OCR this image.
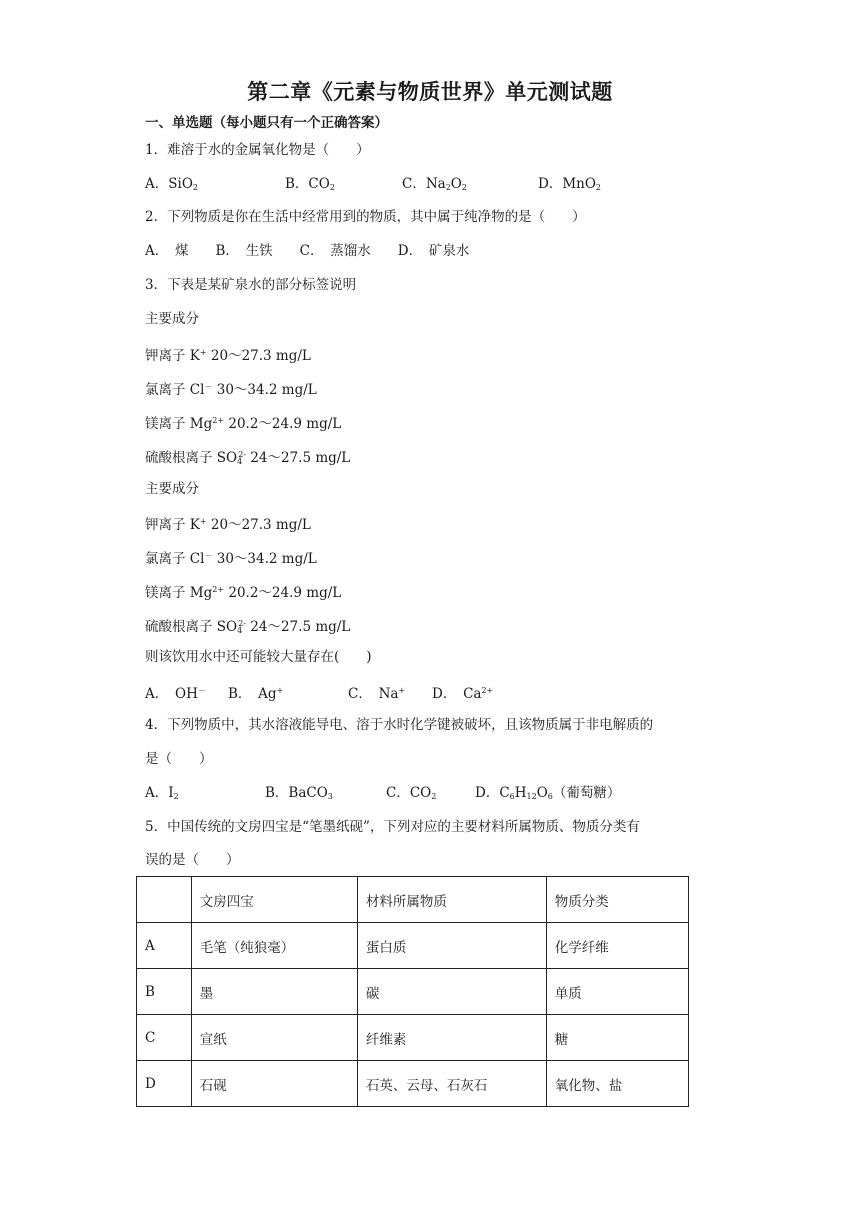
第二章《元素与物质世界》单元测试题
一、单选题（每小题只有一个正确答案）
1．难溶于水的金属氧化物是（　　）
A．SiO$_2$	B．$CO_2$	C．$Na_2O_2$	D．MnO$_2$
2．下列物质是你在生活中经常用到的物质，其中属于纯净物的是（　　）
A．　煤　　B．　生铁　　C．　蒸馏水　　D．　矿泉水
3．下表是某矿泉水的部分标签说明
主要成分
钾离子 K+ 20～27.3 mg/L
氯离子 Cl－ 30～34.2 mg/L
镁离子 $Mg^{2+}$ 20.2～24.9 mg/L
硫酸根离子 $SO_4^{2-}$ 24～27.5 mg/L
主要成分
钾离子 K+ 20～27.3 mg/L
氯离子 Cl－ 30～34.2 mg/L
镁离子 $Mg^{2+}$ 20.2～24.9 mg/L
硫酸根离子 $SO_4^{2-}$ 24～27.5 mg/L
则该饮用水中还可能较大量存在(　　)
A．　OH－ B．　Ag+	C．　Na+ D．　$Ca^{2+}$
4．下列物质中，其水溶液能导电、溶于水时化学键被破坏，且该物质属于非电解质的
是（　　）
A．$I_2$	B．BaCO$_3$	C．$CO_2$	D．$C_6H_{12}O_6$（葡萄糖）
5．中国传统的文房四宝是“笔墨纸砚”，下列对应的主要材料所属物质、物质分类有
误的是（　　）
	文房四宝	材料所属物质	物质分类
A	毛笔（纯狼毫）	蛋白质	化学纤维
B	墨	碳	单质
C	宣纸	纤维素	糖
D	石砚	石英、云母、石灰石	氧化物、盐
